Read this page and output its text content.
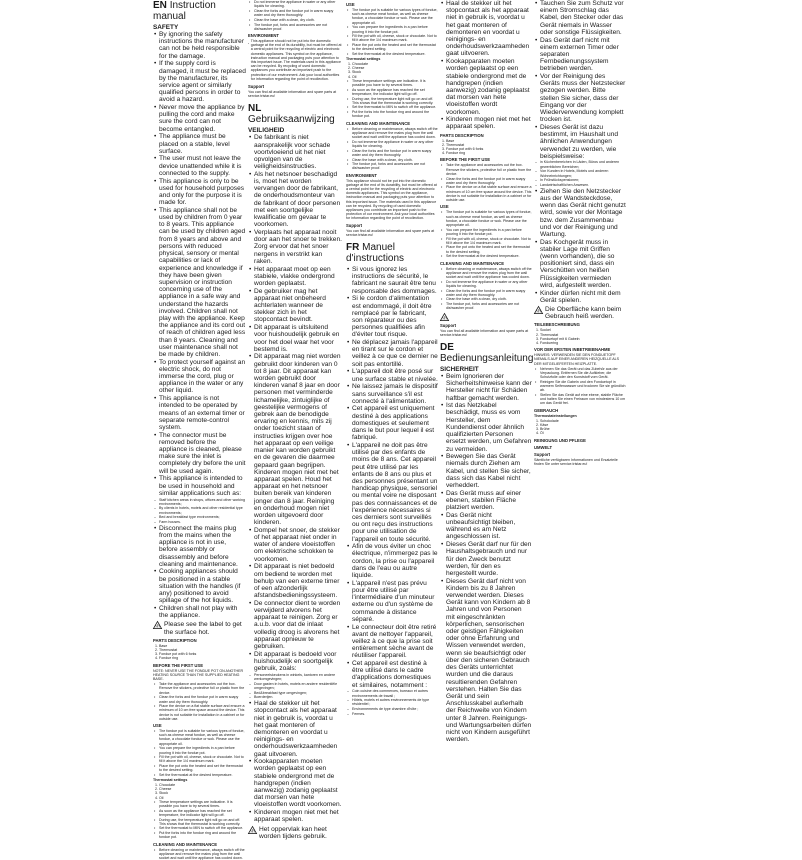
EN Instruction manual
SAFETY
• By ignoring the safety instructions the manufacturer can not be held responsible for the damage.
• If the supply cord is damaged, it must be replaced by the manufacturer, its service agent or similarly qualified persons in order to avoid a hazard.
• Never move the appliance by pulling the cord and make sure the cord can not become entangled.
• The appliance must be placed on a stable, level surface.
• The user must not leave the device unattended while it is connected to the supply.
• This appliance is only to be used for household purposes and only for the purpose it is made for.
• This appliance shall not be used by children from 0 year to 8 years. This appliance can be used by children aged from 8 years and above and persons with reduced physical, sensory or mental capabilities or lack of experience and knowledge if they have been given supervision or instruction concerning use of the appliance in a safe way and understand the hazards involved. Children shall not play with the appliance. Keep the appliance and its cord out of reach of children aged less than 8 years. Cleaning and user maintenance shall not be made by children.
• To protect yourself against an electric shock, do not immerse the cord, plug or appliance in the water or any other liquid.
• This appliance is not intended to be operated by means of an external timer or separate remote-control system.
• The connector must be removed before the appliance is cleaned, please make sure the inlet is completely dry before the unit will be used again.
• This appliance is intended to be used in household and similar applications such as:
– Staff kitchen areas in shops, offices and other working environments;
– By clients in hotels, motels and other residential type environments;
– Bed and breakfast type environments;
– Farm houses.
• Disconnect the mains plug from the mains when the appliance is not in use, before assembly or disassembly and before cleaning and maintenance.
• Cooking appliances should be positioned in a stable situation with the handles (if any) positioned to avoid spillage of the hot liquids.
• Children shall not play with the appliance.
Please see the label to get the surface hot.
PARTS DESCRIPTION
1. Base
2. Thermostat
3. Fondue pot with 6 forks
4. Fondue ring
BEFORE THE FIRST USE

NOTE: NEVER USE THE FONDUE POT ON ANOTHER HEATING SOURCE THAN THE SUPPLIED HEATING BASE.

• Take the appliance and accessories out the box. Remove the stickers, protective foil or plastic from the device.
• Clean the forks and the fondue pot in warm soapy water and dry them thoroughly.
• Place the device on a flat stable surface and ensure a minimum of 10 cm free space around the device. This device is not suitable for installation in a cabinet or for outside use.
USE
• The fondue pot is suitable for various types of fondue, such as cheese meat fondue, as well as cheese fondue, a chocolate fondue or wok. Please use the appropriate oil.
• You can prepare the ingredients in a pan before pouring it into the fondue pot.
• Fill the pot with oil, cheese, stock or chocolate. Not to fill it above the 1/4 maximum mark.
• Place the pot onto the heated and set the thermostat to the desired setting.
• Set the thermostat at the desired temperature.

Thermostat settings

1. Chocolate
2. Cheese
3. Stock
4. Oil
• These temperature settings are indicative. It is possible you have to try several times.
• As soon as the appliance has reached the set temperature, the indicator light will go off.
• During use, the temperature light will go on and off. This shows that the thermostat is working correctly.
• Set the thermostat to MIN to switch off the appliance.
• Put the forks into the fondue ring and around the fondue pot.
CLEANING AND MAINTENANCE
• Before cleaning or maintenance, always switch off the appliance and remove the mains plug from the wall socket and wait until the appliance has cooled down.
• Do not immerse the appliance in water or any other liquids for cleaning.
• Clean the forks and the fondue pot in warm soapy water and dry them thoroughly.
• Clean the base with a clean, dry cloth.
• The fondue pot, forks and accessories are not dishwasher proof.
ENVIRONMENT

This appliance should not be put into the domestic garbage at the end of its durability, but must be offered at a central point for the recycling of electric and electronic domestic appliances. This symbol on the appliance, instruction manual and packaging puts your attention to this important issue. The materials used in this appliance can be recycled. By recycling of used domestic appliances you contribute an important push to the protection of our environment. Ask your local authorities for information regarding the point of recollection.

Support

You can find all available information and spare parts at service.tristar.eu!

NL Gebruiksaanwijzing
VEILIGHEID
• De fabrikant is niet aansprakelijk voor schade voortvloeiend uit het niet opvolgen van de veiligheidsinstructies.
• Als het netsnoer beschadigd is, moet het worden vervangen door de fabrikant, de onderhoudsmonteur van de fabrikant of door personen met een soortgelijke kwalificatie om gevaar te voorkomen.
• Verplaats het apparaat nooit door aan het snoer te trekken. Zorg ervoor dat het snoer nergens in verstrikt kan raken.
• Het apparaat moet op een stabiele, vlakke ondergrond worden geplaatst.
• De gebruiker mag het apparaat niet onbeheerd achterlaten wanneer de stekker zich in het stopcontact bevindt.
• Dit apparaat is uitsluitend voor huishoudelijk gebruik en voor het doel waar het voor bestemd is.
• Dit apparaat mag niet worden gebruikt door kinderen van 0 tot 8 jaar. Dit apparaat kan worden gebruikt door kinderen vanaf 8 jaar en door personen met verminderde lichamelijke, zintuiglijke of geestelijke vermogens of gebrek aan de benodigde ervaring en kennis, mits zij onder toezicht staan of instructies krijgen over hoe het apparaat op een veilige manier kan worden gebruikt en de gevaren die daarmee gepaard gaan begrijpen. Kinderen mogen niet met het apparaat spelen. Houd het apparaat en het netsnoer buiten bereik van kinderen jonger dan 8 jaar. Reiniging en onderhoud mogen niet worden uitgevoerd door kinderen.
• Dompel het snoer, de stekker of het apparaat niet onder in water of andere vloeistoffen om elektrische schokken te voorkomen.
• Dit apparaat is niet bedoeld om bediend te worden met behulp van een externe timer of een afzonderlijk afstandsbedieningssysteem.
• De connector dient te worden verwijderd alvorens het apparaat te reinigen. Zorg er a.u.b. voor dat de inlaat volledig droog is alvorens het apparaat opnieuw te gebruiken.
• Dit apparaat is bedoeld voor huishoudelijk en soortgelijk gebruik, zoals:
– Personeelskeukens in winkels, kantoren en andere werkomgevingen;
– Door gasten in hotels, motels en andere residentiële omgevingen;
– Bed&breakfast type omgevingen;
– Boerderijen.
• Haal de stekker uit het stopcontact als het apparaat niet in gebruik is, voordat u het gaat monteren of demonteren en voordat u reinigings- en onderhoudswerkzaamheden gaat uitvoeren.
• Kookapparaten moeten worden geplaatst op een stabiele ondergrond met de handgrepen (indien aanwezig) zodanig geplaatst dat morsen van hete vloeistoffen wordt voorkomen.
• Kinderen mogen niet met het apparaat spelen.
Het oppervlak kan heet worden tijdens gebruik.
USE
• The fondue pot is suitable for various types of fondue, such as cheese meat fondue, as well as cheese fondue, a chocolate fondue or wok. Please use the appropriate oil.
• You can prepare the ingredients in a pan before pouring it into the fondue pot.
• Fill the pot with oil, cheese, stock or chocolate. Not to fill it above the 1/4 maximum mark.
• Place the pot onto the heated and set the thermostat to the desired setting.
• Set the thermostat at the desired temperature.

Thermostat settings

1. Chocolate
2. Cheese
3. Stock
4. Oil
• These temperature settings are indicative. It is possible you have to try several times.
• As soon as the appliance has reached the set temperature, the indicator light will go off.
• During use, the temperature light will go on and off. This shows that the thermostat is working correctly.
• Set the thermostat to MIN to switch off the appliance.
• Put the forks into the fondue ring and around the fondue pot.
CLEANING AND MAINTENANCE
• Before cleaning or maintenance, always switch off the appliance and remove the mains plug from the wall socket and wait until the appliance has cooled down.
• Do not immerse the appliance in water or any other liquids for cleaning.
• Clean the forks and the fondue pot in warm soapy water and dry them thoroughly.
• Clean the base with a clean, dry cloth.
• The fondue pot, forks and accessories are not dishwasher proof.
ENVIRONMENT

This appliance should not be put into the domestic garbage at the end of its durability, but must be offered at a central point for the recycling of electric and electronic domestic appliances. This symbol on the appliance, instruction manual and packaging puts your attention to this important issue. The materials used in this appliance can be recycled. By recycling of used domestic appliances you contribute an important push to the protection of our environment. Ask your local authorities for information regarding the point of recollection.

Support

You can find all available information and spare parts at service.tristar.eu!

FR Manuel d'instructions
• Si vous ignorez les instructions de sécurité, le fabricant ne saurait être tenu responsable des dommages.
• Si le cordon d'alimentation est endommagé, il doit être remplacé par le fabricant, son réparateur ou des personnes qualifiées afin d'éviter tout risque.
• Ne déplacez jamais l'appareil en tirant sur le cordon et veillez à ce que ce dernier ne soit pas entortillé.
• L'appareil doit être posé sur une surface stable et nivelée.
• Ne laissez jamais le dispositif sans surveillance s'il est connecté à l'alimentation.
• Cet appareil est uniquement destiné à des applications domestiques et seulement dans le but pour lequel il est fabriqué.
• L'appareil ne doit pas être utilisé par des enfants de moins de 8 ans. Cet appareil peut être utilisé par les enfants de 8 ans ou plus et des personnes présentant un handicap physique, sensoriel ou mental voire ne disposant pas des connaissances et de l'expérience nécessaires si ces derniers sont surveillés ou ont reçu des instructions pour une utilisation de l'appareil en toute sécurité.
• Afin de vous éviter un choc électrique, n'immergez pas le cordon, la prise ou l'appareil dans de l'eau ou autre liquide.
• L'appareil n'est pas prévu pour être utilisé par l'intermédiaire d'un minuteur externe ou d'un système de commande à distance séparé.
• Le connecteur doit être retiré avant de nettoyer l'appareil, veillez à ce que la prise soit entièrement sèche avant de réutiliser l'appareil.
• Cet appareil est destiné à être utilisé dans le cadre d'applications domestiques et similaires, notamment :
– Coin cuisine des commerces, bureaux et autres environnements de travail ;
– Hôtels, motels et autres environnements de type résidentiel ;
– Environnements de type chambre d'hôte ;
– Fermes.
• Haal de stekker uit het stopcontact als het apparaat niet in gebruik is, voordat u het gaat monteren of demonteren en voordat u reinigings- en onderhoudswerkzaamheden gaat uitvoeren.
• Kookapparaten moeten worden geplaatst op een stabiele ondergrond met de handgrepen (indien aanwezig) zodanig geplaatst dat morsen van hete vloeistoffen wordt voorkomen.
• Kinderen mogen niet met het apparaat spelen.
PARTS DESCRIPTION
1. Base
2. Thermostat
3. Fondue pot with 6 forks
4. Fondue ring
BEFORE THE FIRST USE
• Take the appliance and accessories out the box. Remove the stickers, protective foil or plastic from the device.
• Clean the forks and the fondue pot in warm soapy water and dry them thoroughly.
• Place the device on a flat stable surface and ensure a minimum of 10 cm free space around the device. This device is not suitable for installation in a cabinet or for outside use.
USE
• The fondue pot is suitable for various types of fondue, such as cheese meat fondue, as well as cheese fondue, a chocolate fondue or wok. Please use the appropriate oil.
• You can prepare the ingredients in a pan before pouring it into the fondue pot.
• Fill the pot with oil, cheese, stock or chocolate. Not to fill it above the 1/4 maximum mark.
• Place the pot onto the heated and set the thermostat to the desired setting.
• Set the thermostat at the desired temperature.
CLEANING AND MAINTENANCE
• Before cleaning or maintenance, always switch off the appliance and remove the mains plug from the wall socket and wait until the appliance has cooled down.
• Do not immerse the appliance in water or any other liquids for cleaning.
• Clean the forks and the fondue pot in warm soapy water and dry them thoroughly.
• Clean the base with a clean, dry cloth.
• The fondue pot, forks and accessories are not dishwasher proof.
Support

You can find all available information and spare parts at service.tristar.eu!

DE Bedienungsanleitung
SICHERHEIT
• Beim Ignorieren der Sicherheitshinweise kann der Hersteller nicht für Schäden haftbar gemacht werden.
• Ist das Netzkabel beschädigt, muss es vom Hersteller, dem Kundendienst oder ähnlich qualifizierten Personen ersetzt werden, um Gefahren zu vermeiden.
• Bewegen Sie das Gerät niemals durch Ziehen am Kabel, und stellen Sie sicher, dass sich das Kabel nicht verheddert.
• Das Gerät muss auf einer ebenen, stabilen Fläche platziert werden.
• Das Gerät nicht unbeaufsichtigt bleiben, während es am Netz angeschlossen ist.
• Dieses Gerät darf nur für den Haushaltsgebrauch und nur für den Zweck benutzt werden, für den es hergestellt wurde.
• Dieses Gerät darf nicht von Kindern bis zu 8 Jahren verwendet werden. Dieses Gerät kann von Kindern ab 8 Jahren und von Personen mit eingeschränkten körperlichen, sensorischen oder geistigen Fähigkeiten oder ohne Erfahrung und Wissen verwendet werden, wenn sie beaufsichtigt oder über den sicheren Gebrauch des Geräts unterrichtet wurden und die daraus resultierenden Gefahren verstehen. Halten Sie das Gerät und sein Anschlusskabel außerhalb der Reichweite von Kindern unter 8 Jahren. Reinigungs- und Wartungsarbeiten dürfen nicht von Kindern ausgeführt werden.
• Tauchen Sie zum Schutz vor einem Stromschlag das Kabel, den Stecker oder das Gerät niemals in Wasser oder sonstige Flüssigkeiten.
• Das Gerät darf nicht mit einem externen Timer oder separaten Fernbedienungssystem betrieben werden.
• Vor der Reinigung des Geräts muss der Netzstecker gezogen werden. Bitte stellen Sie sicher, dass der Eingang vor der Wiederverwendung komplett trocken ist.
• Dieses Gerät ist dazu bestimmt, im Haushalt und ähnlichen Anwendungen verwendet zu werden, wie beispielsweise:
– in Küchenbereichen in Läden, Büros und anderen gewerblichen Bereichen;
– Von Kunden in Hotels, Motels und anderen Wohneinrichtungen;
– In Frühstückspensionen;
– Landwirtschaftlichen Anwesen.
• Ziehen Sie den Netzstecker aus der Wandsteckdose, wenn das Gerät nicht genutzt wird, sowie vor der Montage bzw. dem Zusammenbau und vor der Reinigung und Wartung.
• Das Kochgerät muss in stabiler Lage mit Griffen (wenn vorhanden), die so positioniert sind, dass ein Verschütten von heißen Flüssigkeiten vermieden wird, aufgestellt werden.
• Kinder dürfen nicht mit dem Gerät spielen.
Die Oberfläche kann beim Gebrauch heiß werden.
TEILEBESCHREIBUNG
1. Sockel
2. Thermostat
3. Fonduetopf mit 6 Gabeln
4. Fonduering
VOR DER ERSTEN INBETRIEBNAHME

HINWEIS: VERWENDEN SIE DEN FONDUETOPF NIEMALS AUF EINER ANDEREN HEIZQUELLE ALS DER MITGELIEFERTEN HEIZPLATTE.

• Nehmen Sie das Gerät und das Zubehör aus der Verpackung. Entfernen Sie die Aufkleber, die Schutzfolie oder den Kunststoff vom Gerät.
• Reinigen Sie die Gabeln und den Fonduetopf in warmem Seifenwasser und trocknen Sie sie gründlich ab.
• Stellen Sie das Gerät auf eine ebene, stabile Fläche und halten Sie einen Freiraum von mindestens 10 cm um das Gerät frei.
GEBRAUCH

Thermostateinstellungen

1. Schokolade
2. Käse
3. Brühe
4. Öl
REINIGUNG UND PFLEGE
UMWELT
Support

Sämtliche verfügbaren Informationen und Ersatzteile finden Sie unter service.tristar.eu!
